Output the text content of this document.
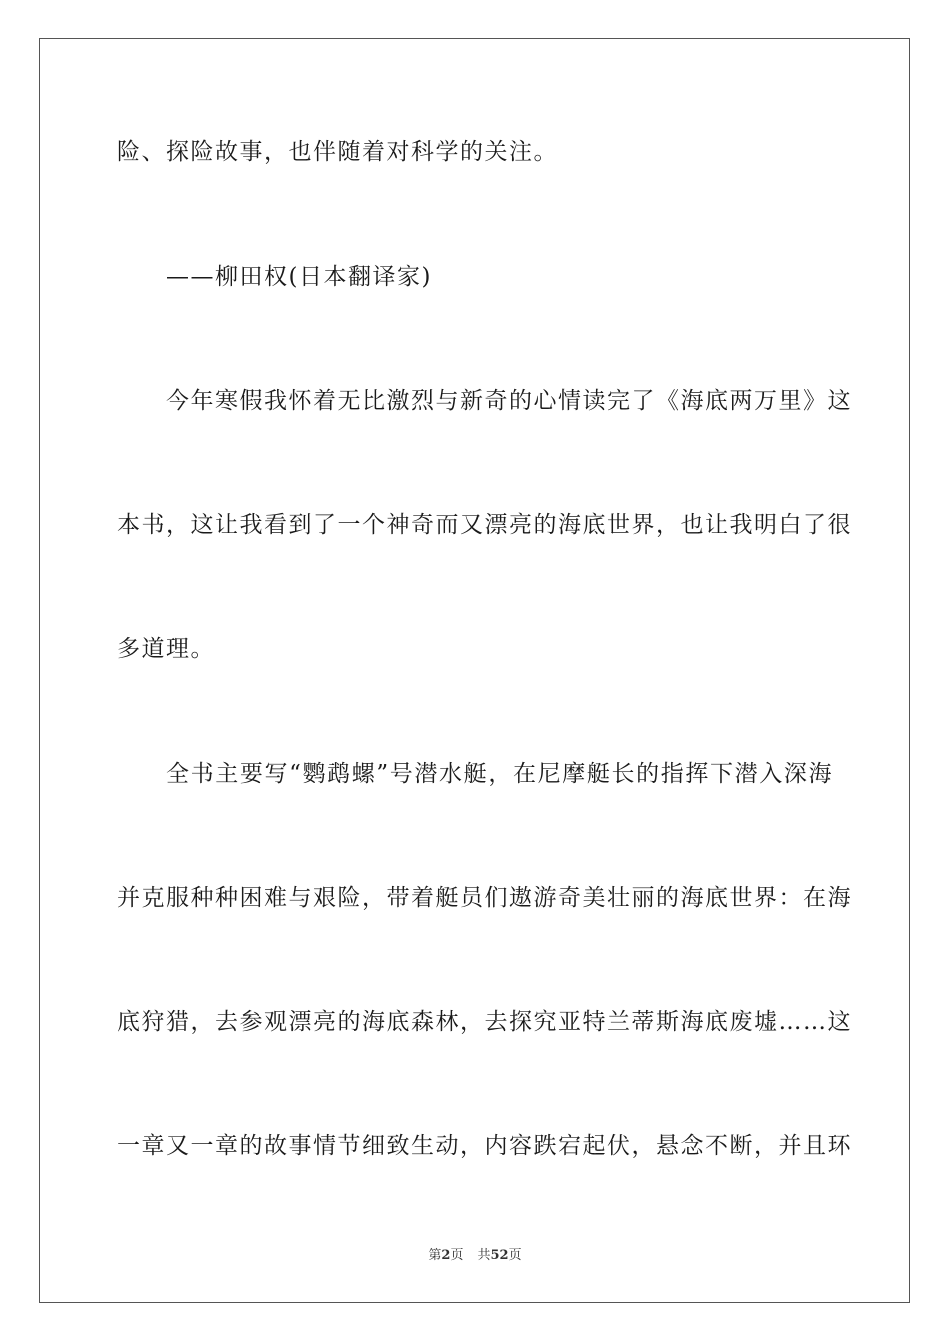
险、探险故事，也伴随着对科学的关注。

——柳田权(日本翻译家)

今年寒假我怀着无比激烈与新奇的心情读完了《海底两万里》这

本书，这让我看到了一个神奇而又漂亮的海底世界，也让我明白了很

多道理。

全书主要写“鹦鹉螺”号潜水艇，在尼摩艇长的指挥下潜入深海

并克服种种困难与艰险，带着艇员们遨游奇美壮丽的海底世界：在海

底狩猎，去参观漂亮的海底森林，去探究亚特兰蒂斯海底废墟……这

一章又一章的故事情节细致生动，内容跌宕起伏，悬念不断，并且环

第2页 共52页
